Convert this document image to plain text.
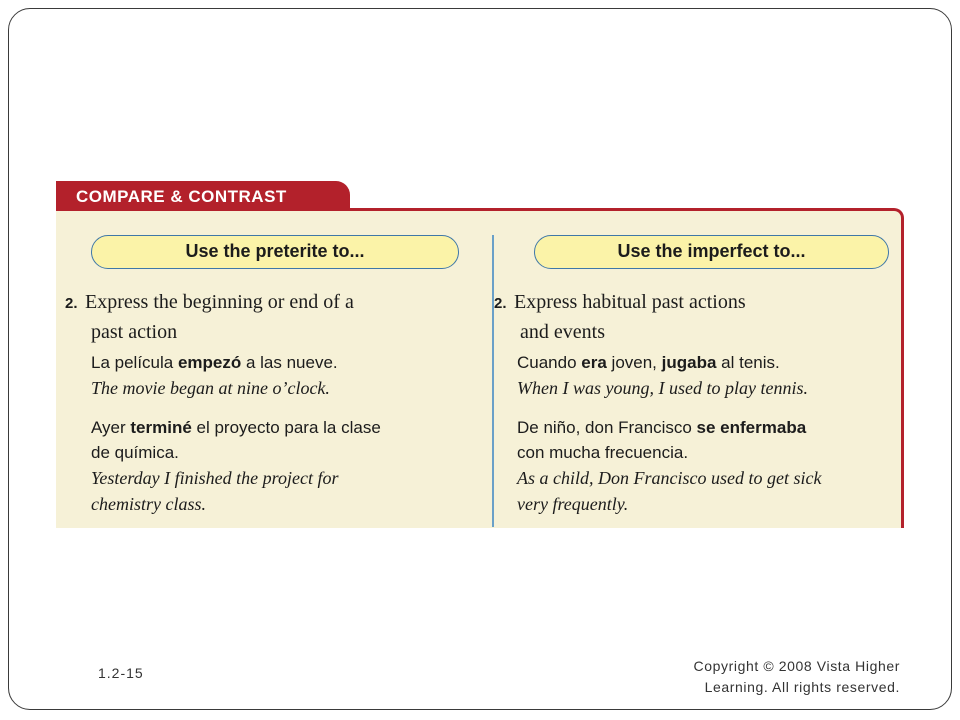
COMPARE & CONTRAST
Use the preterite to...	Use the imperfect to...
2. Express the beginning or end of a
past action
2. Express habitual past actions
and events
La película empezó a las nueve.
The movie began at nine o’clock.
Ayer terminé el proyecto para la clase
de química.
Yesterday I finished the project for
chemistry class.
Cuando era joven, jugaba al tenis.
When I was young, I used to play tennis.
De niño, don Francisco se enfermaba
con mucha frecuencia.
As a child, Don Francisco used to get sick
very frequently.
1.2-15	Copyright © 2008 Vista Higher
Learning. All rights reserved.
